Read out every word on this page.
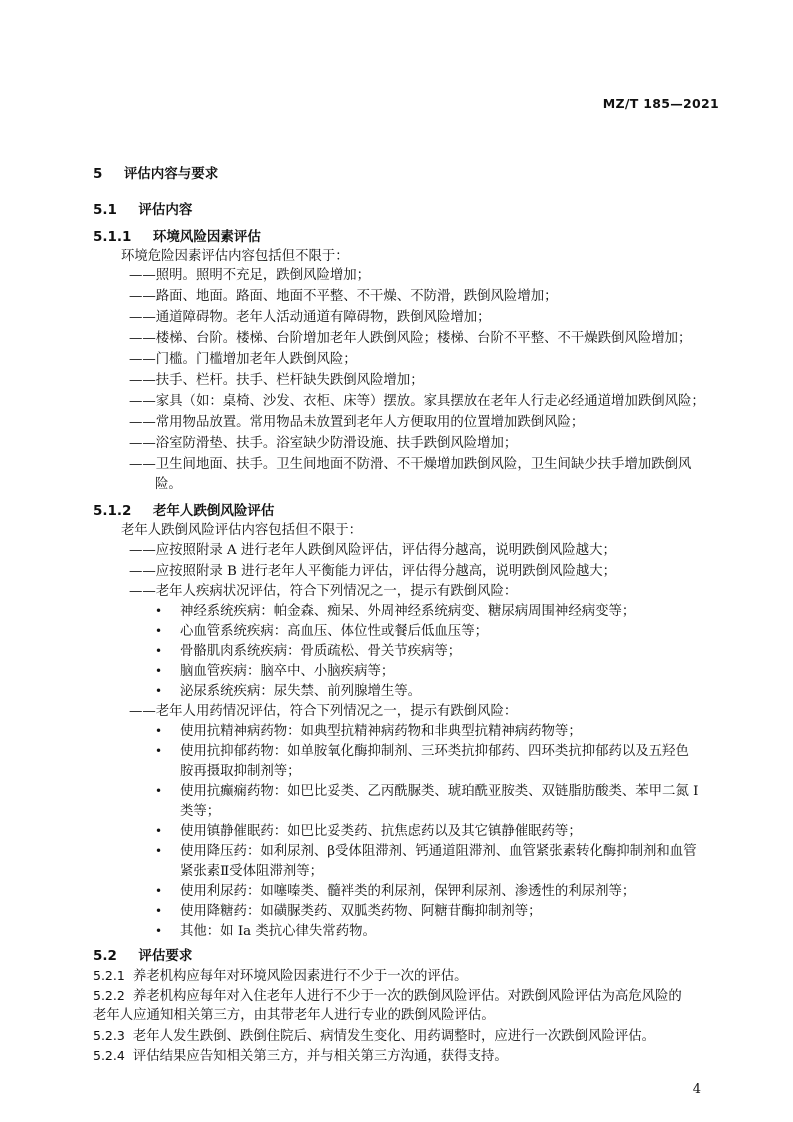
MZ/T 185—2021
5 评估内容与要求
5.1 评估内容
5.1.1 环境风险因素评估
环境危险因素评估内容包括但不限于：
——照明。照明不充足，跌倒风险增加；
——路面、地面。路面、地面不平整、不干燥、不防滑，跌倒风险增加；
——通道障碍物。老年人活动通道有障碍物，跌倒风险增加；
——楼梯、台阶。楼梯、台阶增加老年人跌倒风险；楼梯、台阶不平整、不干燥跌倒风险增加；
——门槛。门槛增加老年人跌倒风险；
——扶手、栏杆。扶手、栏杆缺失跌倒风险增加；
——家具（如：桌椅、沙发、衣柜、床等）摆放。家具摆放在老年人行走必经通道增加跌倒风险；
——常用物品放置。常用物品未放置到老年人方便取用的位置增加跌倒风险；
——浴室防滑垫、扶手。浴室缺少防滑设施、扶手跌倒风险增加；
——卫生间地面、扶手。卫生间地面不防滑、不干燥增加跌倒风险，卫生间缺少扶手增加跌倒风
险。
5.1.2 老年人跌倒风险评估
老年人跌倒风险评估内容包括但不限于：
——应按照附录 A 进行老年人跌倒风险评估，评估得分越高，说明跌倒风险越大；
——应按照附录 B 进行老年人平衡能力评估，评估得分越高，说明跌倒风险越大；
——老年人疾病状况评估，符合下列情况之一，提示有跌倒风险：
• 神经系统疾病：帕金森、痴呆、外周神经系统病变、糖尿病周围神经病变等；
• 心血管系统疾病：高血压、体位性或餐后低血压等；
• 骨骼肌肉系统疾病：骨质疏松、骨关节疾病等；
• 脑血管疾病：脑卒中、小脑疾病等；
• 泌尿系统疾病：尿失禁、前列腺增生等。
——老年人用药情况评估，符合下列情况之一，提示有跌倒风险：
• 使用抗精神病药物：如典型抗精神病药物和非典型抗精神病药物等；
• 使用抗抑郁药物：如单胺氧化酶抑制剂、三环类抗抑郁药、四环类抗抑郁药以及五羟色
胺再摄取抑制剂等；
• 使用抗癫痫药物：如巴比妥类、乙丙酰脲类、琥珀酰亚胺类、双链脂肪酸类、苯甲二氮 Ⅰ
类等；
• 使用镇静催眠药：如巴比妥类药、抗焦虑药以及其它镇静催眠药等；
• 使用降压药：如利尿剂、β受体阻滞剂、钙通道阻滞剂、血管紧张素转化酶抑制剂和血管
紧张素Ⅱ受体阻滞剂等；
• 使用利尿药：如噻嗪类、髓袢类的利尿剂，保钾利尿剂、渗透性的利尿剂等；
• 使用降糖药：如磺脲类药、双胍类药物、阿糖苷酶抑制剂等；
• 其他：如 Ia 类抗心律失常药物。
5.2 评估要求
5.2.1 养老机构应每年对环境风险因素进行不少于一次的评估。
5.2.2 养老机构应每年对入住老年人进行不少于一次的跌倒风险评估。对跌倒风险评估为高危风险的
老年人应通知相关第三方，由其带老年人进行专业的跌倒风险评估。
5.2.3 老年人发生跌倒、跌倒住院后、病情发生变化、用药调整时，应进行一次跌倒风险评估。
5.2.4 评估结果应告知相关第三方，并与相关第三方沟通，获得支持。
4
